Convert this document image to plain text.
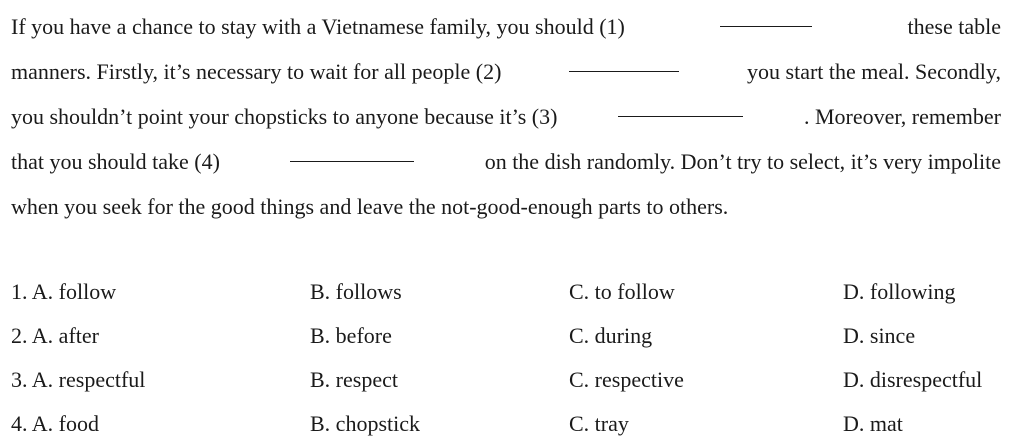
If you have a chance to stay with a Vietnamese family, you should (1)	these table
manners. Firstly, it’s necessary to wait for all people (2)	you start the meal. Secondly,
you shouldn’t point your chopsticks to anyone because it’s (3)	. Moreover, remember
that you should take (4)	on the dish randomly. Don’t try to select, it’s very impolite
when you seek for the good things and leave the not-good-enough parts to others.
1. A. follow	B. follows	C. to follow	D. following
2. A. after	B. before	C. during	D. since
3. A. respectful	B. respect	C. respective	D. disrespectful
4. A. food	B. chopstick	C. tray	D. mat
